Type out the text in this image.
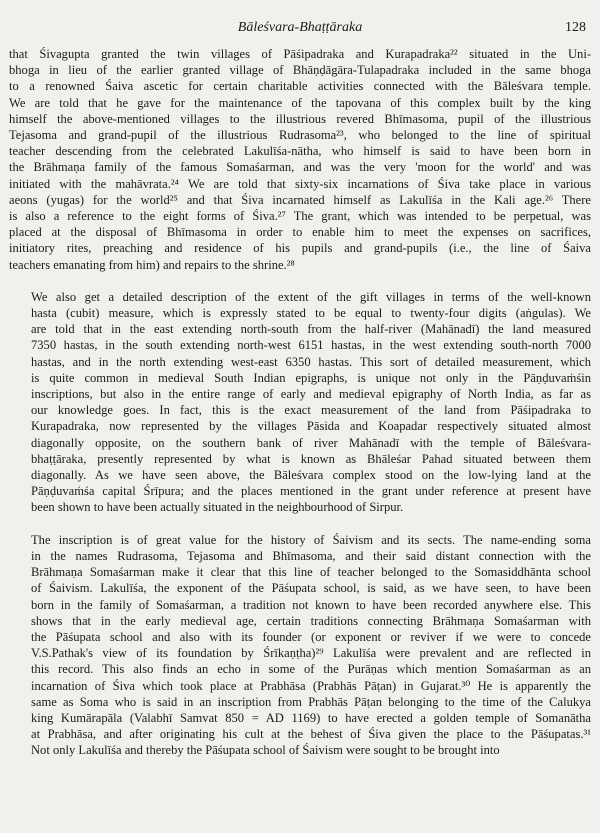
Bāleśvara-Bhaṭṭāraka	128

that Śivagupta granted the twin villages of Pāśipadraka and Kurapadraka²² situated in the Uni-
bhoga in lieu of the earlier granted village of Bhāṇḍāgāra-Tulapadraka included in the same bhoga
to a renowned Śaiva ascetic for certain charitable activities connected with the Bāleśvara temple.
We are told that he gave for the maintenance of the tapovana of this complex built by the king
himself the above-mentioned villages to the illustrious revered Bhīmasoma, pupil of the illustrious
Tejasoma and grand-pupil of the illustrious Rudrasoma²³, who belonged to the line of spiritual
teacher descending from the celebrated Lakulīśa-nātha, who himself is said to have been born in
the Brāhmaṇa family of the famous Somaśarman, and was the very 'moon for the world' and was
initiated with the mahāvrata.²⁴ We are told that sixty-six incarnations of Śiva take place in various
aeons (yugas) for the world²⁵ and that Śiva incarnated himself as Lakulīśa in the Kali age.²⁶ There
is also a reference to the eight forms of Śiva.²⁷ The grant, which was intended to be perpetual, was
placed at the disposal of Bhīmasoma in order to enable him to meet the expenses on sacrifices,
initiatory rites, preaching and residence of his pupils and grand-pupils (i.e., the line of Śaiva
teachers emanating from him) and repairs to the shrine.²⁸

We also get a detailed description of the extent of the gift villages in terms of the well-known
hasta (cubit) measure, which is expressly stated to be equal to twenty-four digits (aṅgulas). We
are told that in the east extending north-south from the half-river (Mahānadī) the land measured
7350 hastas, in the south extending north-west 6151 hastas, in the west extending south-north 7000
hastas, and in the north extending west-east 6350 hastas. This sort of detailed measurement, which
is quite common in medieval South Indian epigraphs, is unique not only in the Pāṇḍuvaṁśin
inscriptions, but also in the entire range of early and medieval epigraphy of North India, as far as
our knowledge goes. In fact, this is the exact measurement of the land from Pāśipadraka to
Kurapadraka, now represented by the villages Pāsida and Koapadar respectively situated almost
diagonally opposite, on the southern bank of river Mahānadī with the temple of Bāleśvara-
bhaṭṭāraka, presently represented by what is known as Bhāleśar Pahad situated between them
diagonally. As we have seen above, the Bāleśvara complex stood on the low-lying land at the
Pāṇḍuvaṁśa capital Śrīpura; and the places mentioned in the grant under reference at present have
been shown to have been actually situated in the neighbourhood of Sirpur.

The inscription is of great value for the history of Śaivism and its sects. The name-ending soma
in the names Rudrasoma, Tejasoma and Bhīmasoma, and their said distant connection with the
Brāhmaṇa Somaśarman make it clear that this line of teacher belonged to the Somasiddhānta school
of Śaivism. Lakulīśa, the exponent of the Pāśupata school, is said, as we have seen, to have been
born in the family of Somaśarman, a tradition not known to have been recorded anywhere else. This
shows that in the early medieval age, certain traditions connecting Brāhmaṇa Somaśarman with
the Pāśupata school and also with its founder (or exponent or reviver if we were to concede
V.S.Pathak's view of its foundation by Śrīkaṇṭha)²⁹ Lakulīśa were prevalent and are reflected in
this record. This also finds an echo in some of the Purāṇas which mention Somaśarman as an
incarnation of Śiva which took place at Prabhāsa (Prabhās Pāṭan) in Gujarat.³⁰ He is apparently the
same as Soma who is said in an inscription from Prabhās Pāṭan belonging to the time of the Calukya
king Kumārapāla (Valabhī Samvat 850 = AD 1169) to have erected a golden temple of Somanātha
at Prabhāsa, and after originating his cult at the behest of Śiva given the place to the Pāśupatas.³¹
Not only Lakulīśa and thereby the Pāśupata school of Śaivism were sought to be brought into
